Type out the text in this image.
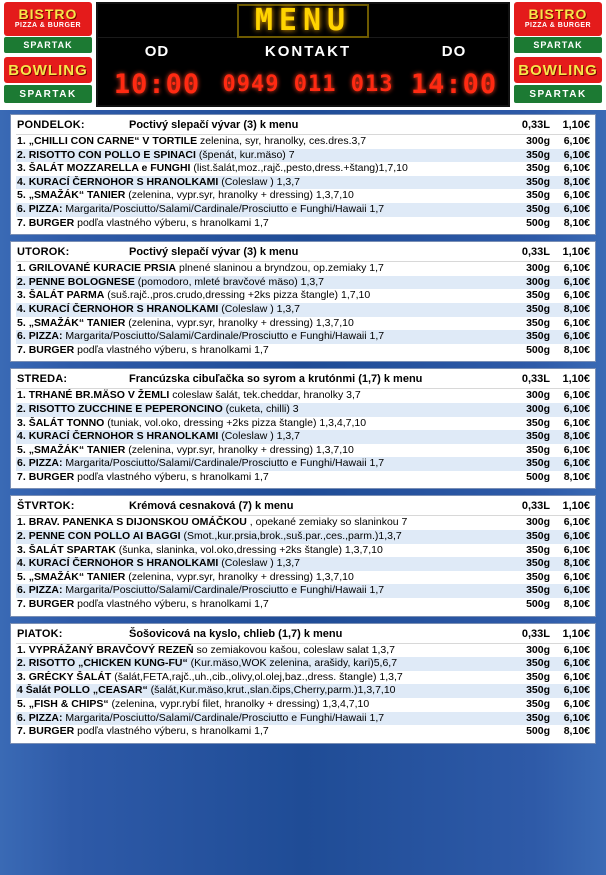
BISTRO
PIZZA & BURGER
SPARTAK
BOWLING
SPARTAK
MENU
OD	KONTAKT	DO
10:00	0949 011 013 14:00
BISTRO
PIZZA & BURGER
SPARTAK
BOWLING
SPARTAK
PONDELOK:	Poctivý slepačí vývar (3) k menu	0,33L	1,10€
1. „CHILLI CON CARNE“ V TORTILE zelenina, syr, hranolky, ces.dres.3,7	300g	6,10€
2. RISOTTO CON POLLO E SPINACI (špenát, kur.mäso) 7	350g	6,10€
3. ŠALÁT MOZZARELLA e FUNGHI (list.šalát,moz.,rajč.,pesto,dress.+štang)1,7,10	350g	6,10€
4. KURACÍ ČERNOHOR S HRANOLKAMI (Coleslaw ) 1,3,7	350g	8,10€
5. „SMAŽÁK“ TANIER (zelenina, vypr.syr, hranolky + dressing) 1,3,7,10	350g	6,10€
6. PIZZA: Margarita/Posciutto/Salami/Cardinale/Prosciutto e Funghi/Hawaii 1,7	350g	6,10€
7. BURGER podľa vlastného výberu, s hranolkami 1,7	500g	8,10€
UTOROK:	Poctivý slepačí vývar (3) k menu	0,33L	1,10€
1. GRILOVANÉ KURACIE PRSIA plnené slaninou a bryndzou, op.zemiaky 1,7	300g	6,10€
2. PENNE BOLOGNESE (pomodoro, mleté bravčové mäso) 1,3,7	300g	6,10€
3. ŠALÁT PARMA (suš.rajč.,pros.crudo,dressing +2ks pizza štangle) 1,7,10	350g	6,10€
4. KURACÍ ČERNOHOR S HRANOLKAMI (Coleslaw ) 1,3,7	350g	8,10€
5. „SMAŽÁK“ TANIER (zelenina, vypr.syr, hranolky + dressing) 1,3,7,10	350g	6,10€
6. PIZZA: Margarita/Posciutto/Salami/Cardinale/Prosciutto e Funghi/Hawaii 1,7	350g	6,10€
7. BURGER podľa vlastného výberu, s hranolkami 1,7	500g	8,10€
STREDA:	Francúzska cibuľačka so syrom a krutónmi (1,7) k menu	0,33L	1,10€
1. TRHANÉ BR.MÄSO V ŽEMLI coleslaw šalát, tek.cheddar, hranolky 3,7	300g	6,10€
2. RISOTTO ZUCCHINE E PEPERONCINO (cuketa, chilli) 3	300g	6,10€
3. ŠALÁT TONNO (tuniak, vol.oko, dressing +2ks pizza štangle) 1,3,4,7,10	350g	6,10€
4. KURACÍ ČERNOHOR S HRANOLKAMI (Coleslaw ) 1,3,7	350g	8,10€
5. „SMAŽÁK“ TANIER (zelenina, vypr.syr, hranolky + dressing) 1,3,7,10	350g	6,10€
6. PIZZA: Margarita/Posciutto/Salami/Cardinale/Prosciutto e Funghi/Hawaii 1,7	350g	6,10€
7. BURGER podľa vlastného výberu, s hranolkami 1,7	500g	8,10€
ŠTVRTOK:	Krémová cesnaková (7) k menu	0,33L	1,10€
1. BRAV. PANENKA S DIJONSKOU OMÁČKOU , opekané zemiaky so slaninkou 7	300g	6,10€
2. PENNE CON POLLO AI BAGGI (Smot.,kur.prsia,brok.,suš.par.,ces.,parm.)1,3,7	350g	6,10€
3. ŠALÁT SPARTAK (šunka, slaninka, vol.oko,dressing +2ks štangle) 1,3,7,10	350g	6,10€
4. KURACÍ ČERNOHOR S HRANOLKAMI (Coleslaw ) 1,3,7	350g	8,10€
5. „SMAŽÁK“ TANIER (zelenina, vypr.syr, hranolky + dressing) 1,3,7,10	350g	6,10€
6. PIZZA: Margarita/Posciutto/Salami/Cardinale/Prosciutto e Funghi/Hawaii 1,7	350g	6,10€
7. BURGER podľa vlastného výberu, s hranolkami 1,7	500g	8,10€
PIATOK:	Šošovicová na kyslo, chlieb (1,7) k menu	0,33L	1,10€
1. VYPRÁŽANÝ BRAVČOVÝ REZEŇ so zemiakovou kašou, coleslaw salat 1,3,7	300g	6,10€
2. RISOTTO „CHICKEN KUNG-FU“ (Kur.mäso,WOK zelenina, arašidy, kari)5,6,7	350g	6,10€
3. GRÉCKY ŠALÁT (šalát,FETA,rajč.,uh.,cib.,olivy,ol.olej,baz.,dress. štangle) 1,3,7	350g	6,10€
4 Šalát POLLO „CEASAR“ (šalát,Kur.mäso,krut.,slan.čips,Cherry,parm.)1,3,7,10	350g	6,10€
5. „FISH & CHIPS“ (zelenina, vypr.rybí filet, hranolky + dressing) 1,3,4,7,10	350g	6,10€
6. PIZZA: Margarita/Posciutto/Salami/Cardinale/Prosciutto e Funghi/Hawaii 1,7	350g	6,10€
7. BURGER podľa vlastného výberu, s hranolkami 1,7	500g	8,10€
